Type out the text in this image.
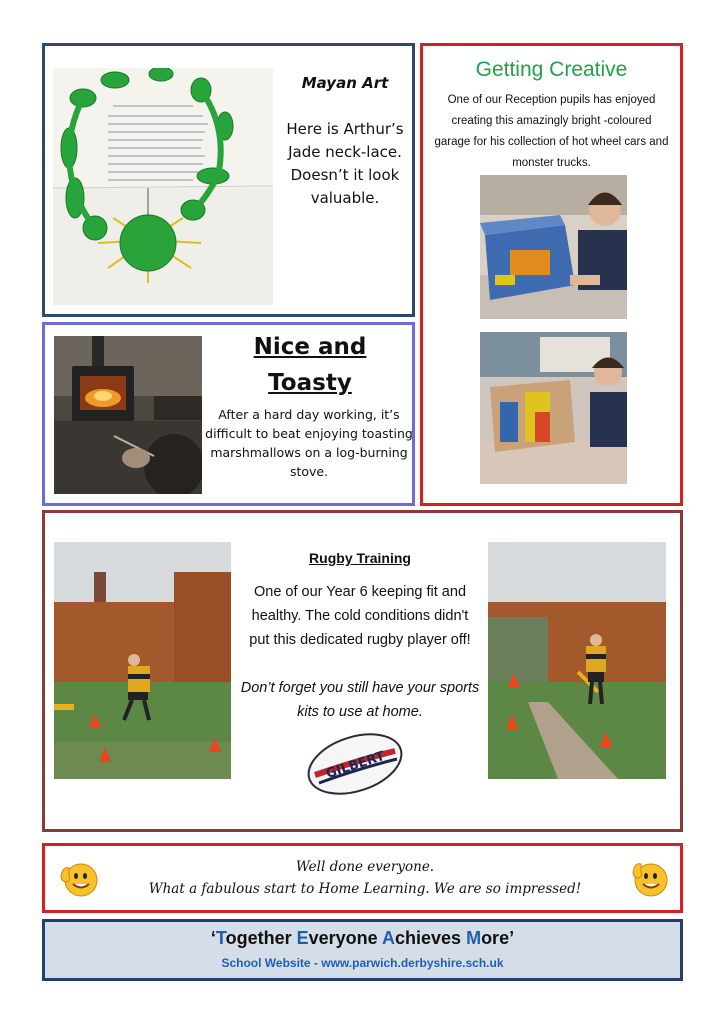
Mayan Art
Here is Arthur’s Jade neck-lace. Doesn’t it look valuable.
Nice and
Toasty
After a hard day working, it’s difficult to beat enjoying toasting marshmallows on a log-burning stove.
Getting Creative
One of our Reception pupils has enjoyed creating this amazingly bright -coloured garage for his collection of hot wheel cars and monster trucks.
Rugby Training
One of our Year 6 keeping fit and healthy. The cold conditions didn't put this dedicated rugby player off!
Don’t forget you still have your sports kits to use at home.
GILBERT
Well done everyone.
What a fabulous start to Home Learning. We are so impressed!
‘Together Everyone Achieves More’
School Website - www.parwich.derbyshire.sch.uk
